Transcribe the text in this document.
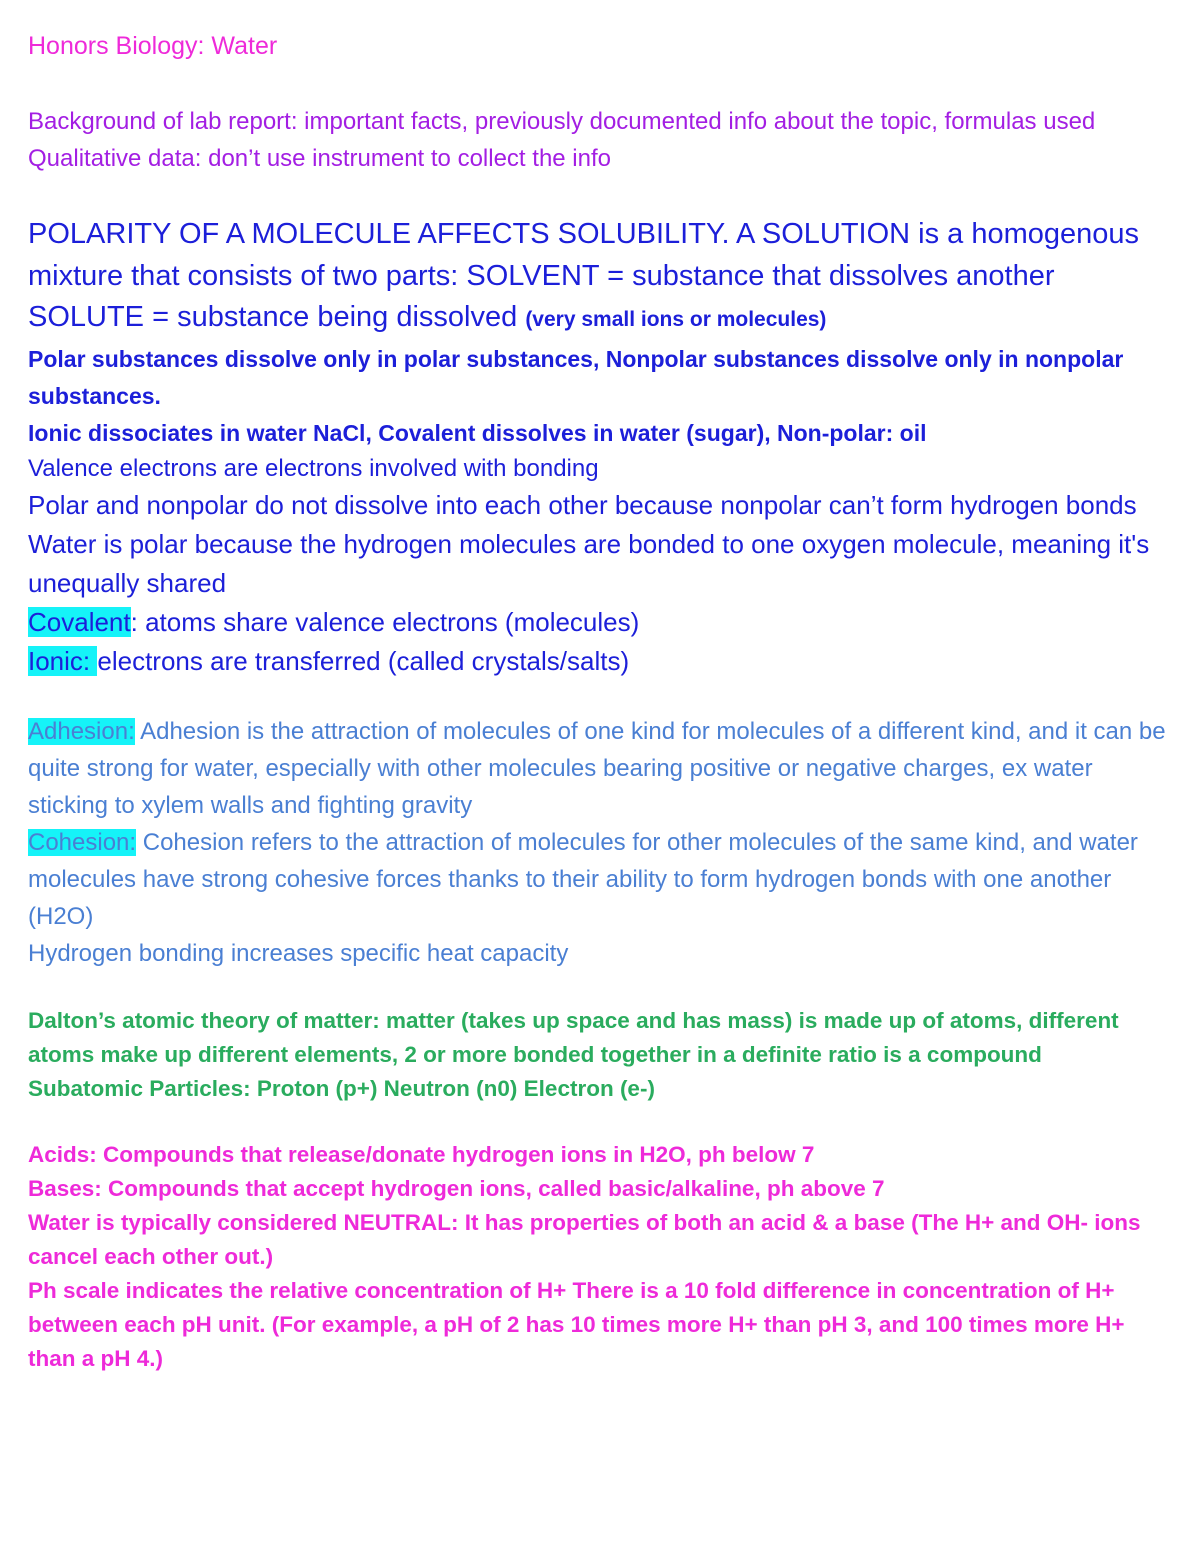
Honors Biology: Water

Background of lab report: important facts, previously documented info about the topic, formulas used

Qualitative data: don’t use instrument to collect the info

POLARITY OF A MOLECULE AFFECTS SOLUBILITY. A SOLUTION is a homogenous mixture that consists of two parts: SOLVENT = substance that dissolves another SOLUTE = substance being dissolved (very small ions or molecules)

Polar substances dissolve only in polar substances, Nonpolar substances dissolve only in nonpolar substances.

Ionic dissociates in water NaCl, Covalent dissolves in water (sugar), Non-polar: oil

Valence electrons are electrons involved with bonding

Polar and nonpolar do not dissolve into each other because nonpolar can’t form hydrogen bonds

Water is polar because the hydrogen molecules are bonded to one oxygen molecule, meaning it's unequally shared

Covalent: atoms share valence electrons (molecules)

Ionic: electrons are transferred (called crystals/salts)

Adhesion: Adhesion is the attraction of molecules of one kind for molecules of a different kind, and it can be quite strong for water, especially with other molecules bearing positive or negative charges, ex water sticking to xylem walls and fighting gravity

Cohesion: Cohesion refers to the attraction of molecules for other molecules of the same kind, and water molecules have strong cohesive forces thanks to their ability to form hydrogen bonds with one another (H2O)

Hydrogen bonding increases specific heat capacity

Dalton’s atomic theory of matter: matter (takes up space and has mass) is made up of atoms, different atoms make up different elements, 2 or more bonded together in a definite ratio is a compound

Subatomic Particles: Proton (p+) Neutron (n0) Electron (e-)

Acids: Compounds that release/donate hydrogen ions in H2O, ph below 7

Bases: Compounds that accept hydrogen ions, called basic/alkaline, ph above 7

Water is typically considered NEUTRAL: It has properties of both an acid & a base (The H+ and OH- ions cancel each other out.)

Ph scale indicates the relative concentration of H+ There is a 10 fold difference in concentration of H+ between each pH unit. (For example, a pH of 2 has 10 times more H+ than pH 3, and 100 times more H+ than a pH 4.)
